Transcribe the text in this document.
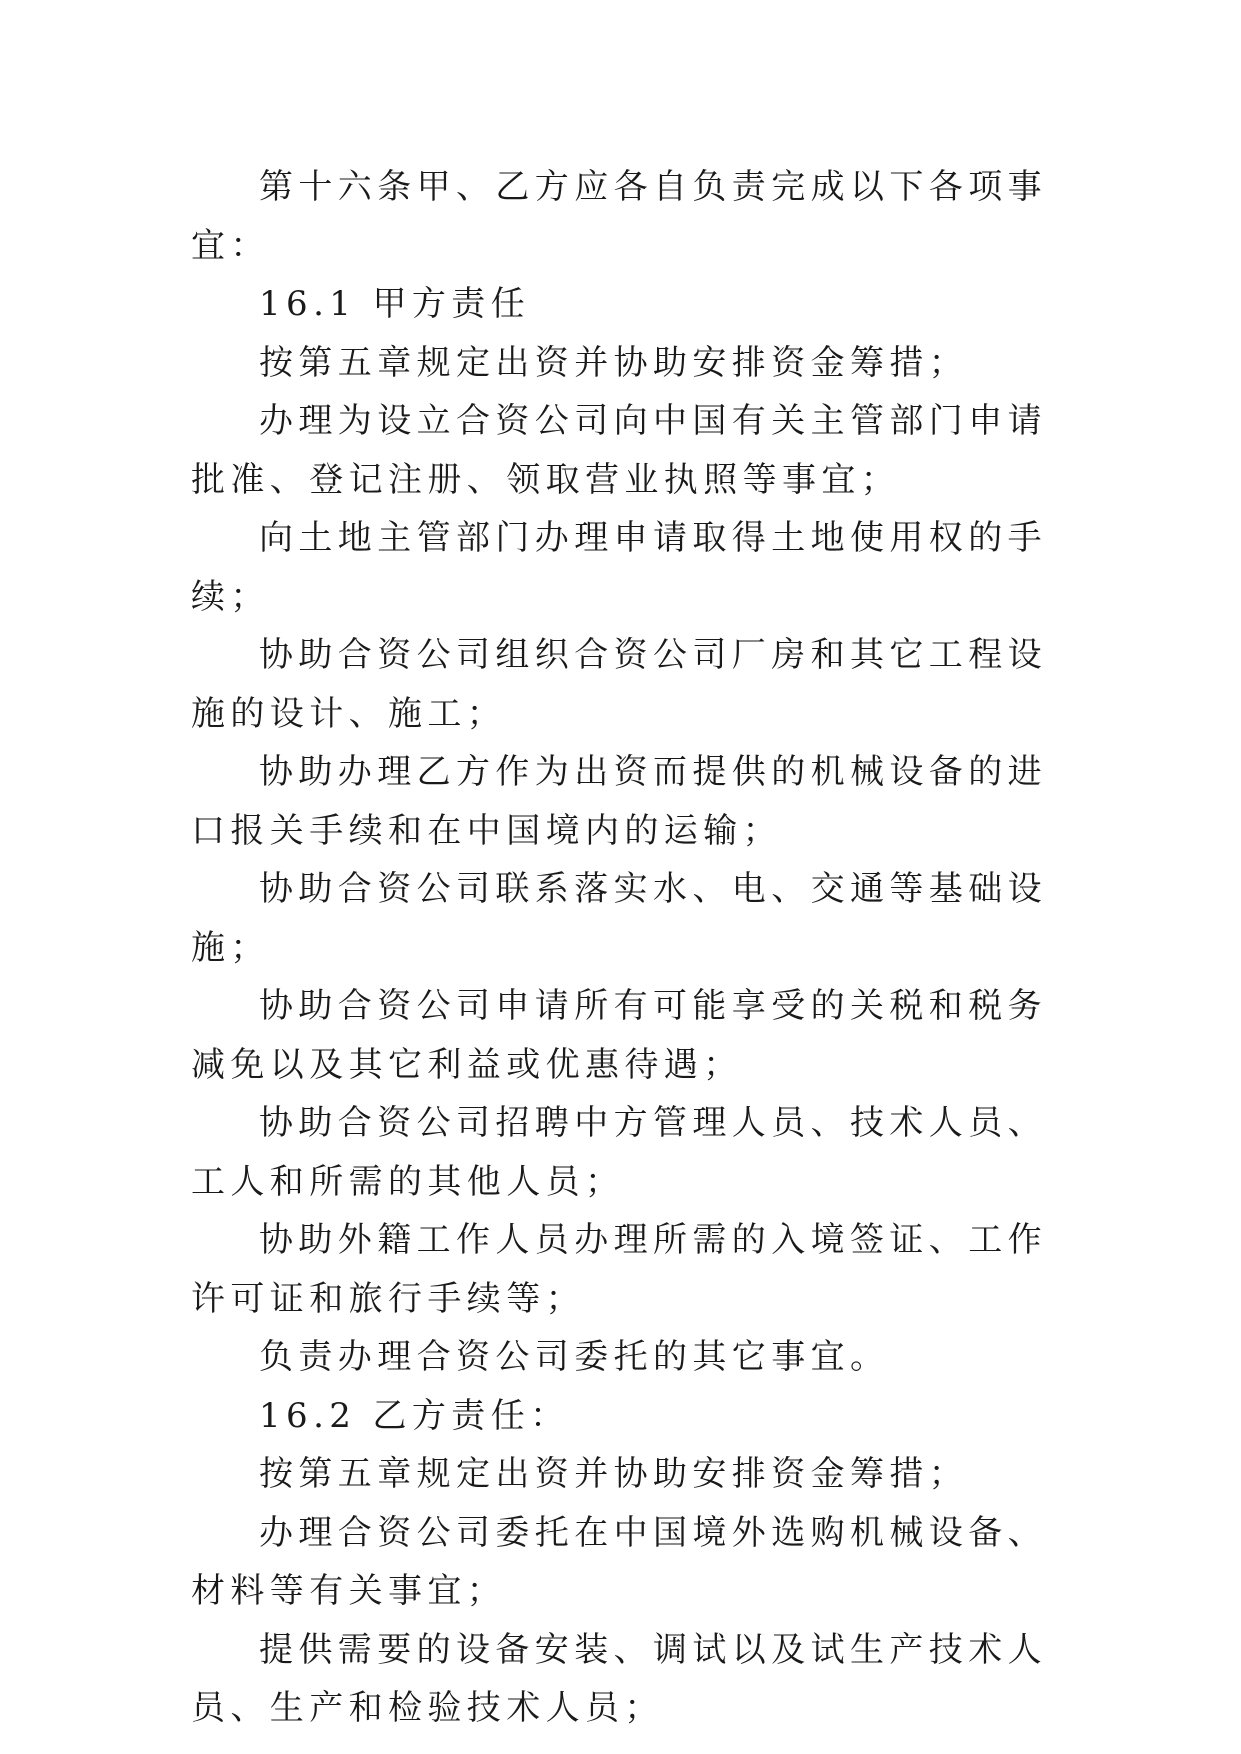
第十六条甲、乙方应各自负责完成以下各项事宜：

16.1 甲方责任

按第五章规定出资并协助安排资金筹措；

办理为设立合资公司向中国有关主管部门申请批准、登记注册、领取营业执照等事宜；

向土地主管部门办理申请取得土地使用权的手续；

协助合资公司组织合资公司厂房和其它工程设施的设计、施工；

协助办理乙方作为出资而提供的机械设备的进口报关手续和在中国境内的运输；

协助合资公司联系落实水、电、交通等基础设施；

协助合资公司申请所有可能享受的关税和税务减免以及其它利益或优惠待遇；

协助合资公司招聘中方管理人员、技术人员、工人和所需的其他人员；

协助外籍工作人员办理所需的入境签证、工作许可证和旅行手续等；

负责办理合资公司委托的其它事宜。

16.2 乙方责任：

按第五章规定出资并协助安排资金筹措；

办理合资公司委托在中国境外选购机械设备、材料等有关事宜；

提供需要的设备安装、调试以及试生产技术人员、生产和检验技术人员；
